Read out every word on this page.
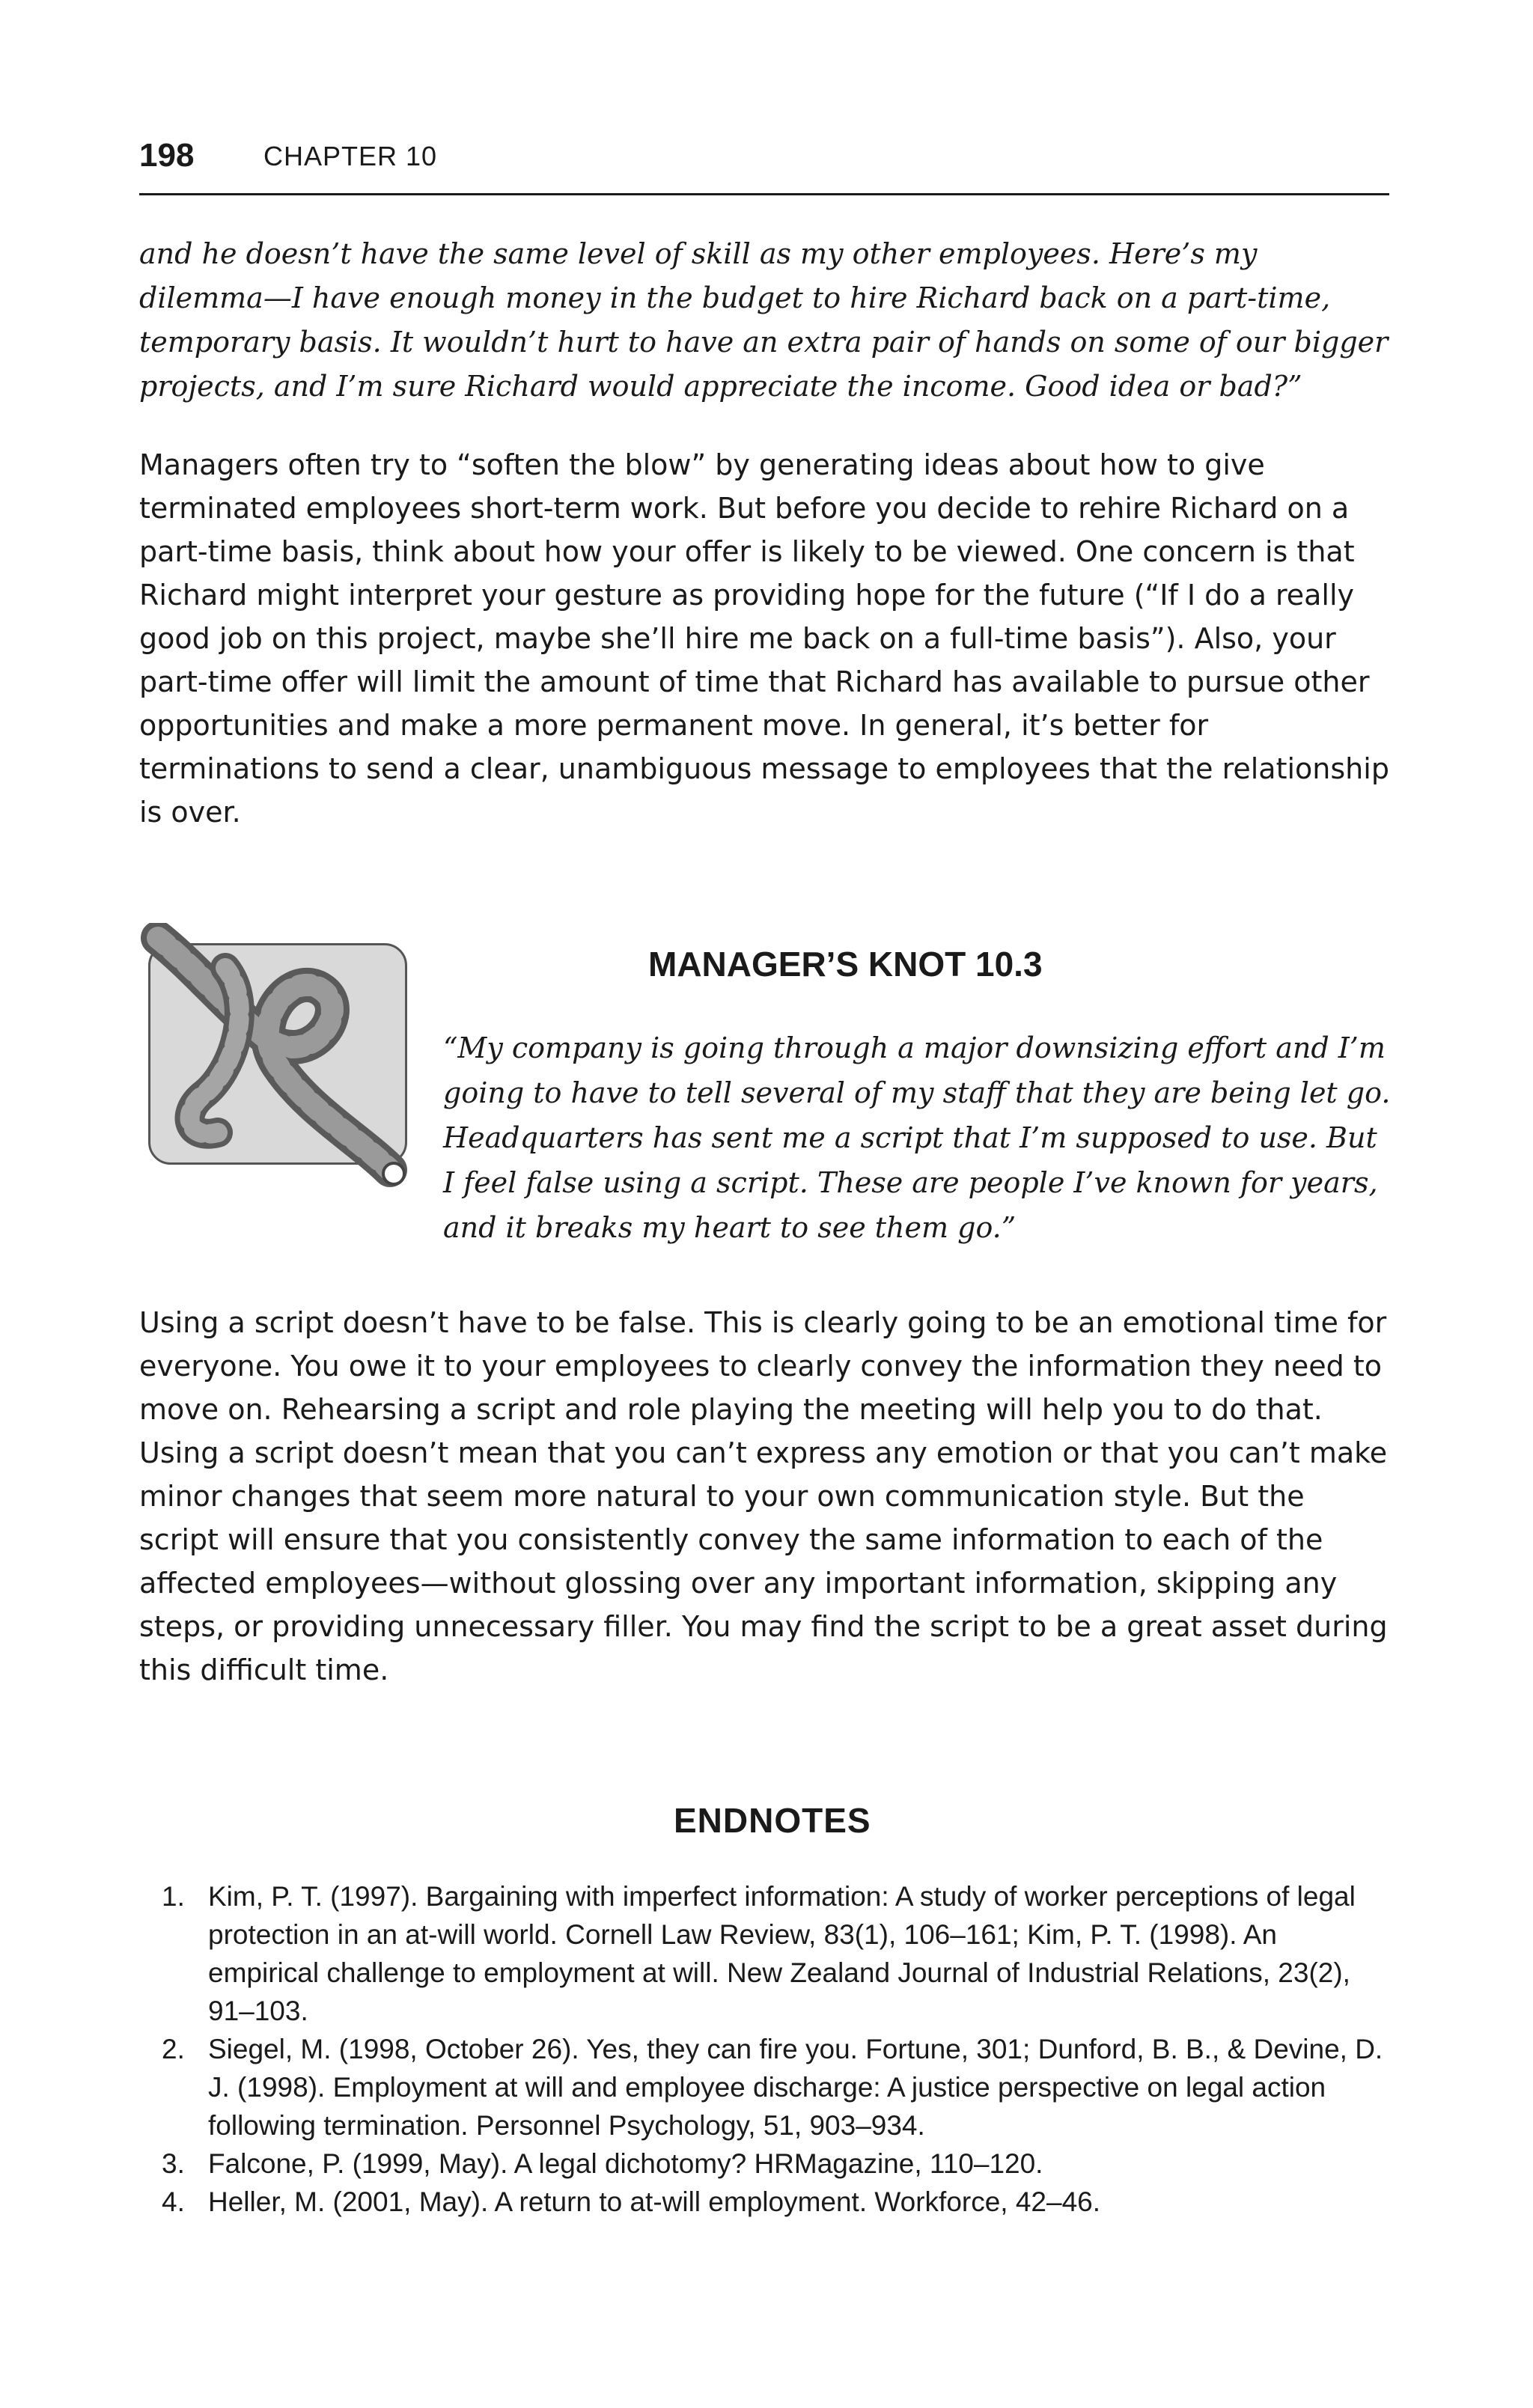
198	CHAPTER 10

and he doesn’t have the same level of skill as my other employees. Here’s my dilemma—I have enough money in the budget to hire Richard back on a part-time, temporary basis. It wouldn’t hurt to have an extra pair of hands on some of our bigger projects, and I’m sure Richard would appreciate the income. Good idea or bad?”

Managers often try to “soften the blow” by generating ideas about how to give terminated employees short-term work. But before you decide to rehire Richard on a part-time basis, think about how your offer is likely to be viewed. One concern is that Richard might interpret your gesture as providing hope for the future (“If I do a really good job on this project, maybe she’ll hire me back on a full-time basis”). Also, your part-time offer will limit the amount of time that Richard has available to pursue other opportunities and make a more permanent move. In general, it’s better for terminations to send a clear, unambiguous message to employees that the relationship is over.

MANAGER’S KNOT 10.3

“My company is going through a major downsizing effort and I’m going to have to tell several of my staff that they are being let go. Headquarters has sent me a script that I’m supposed to use. But I feel false using a script. These are people I’ve known for years, and it breaks my heart to see them go.”

Using a script doesn’t have to be false. This is clearly going to be an emotional time for everyone. You owe it to your employees to clearly convey the information they need to move on. Rehearsing a script and role playing the meeting will help you to do that. Using a script doesn’t mean that you can’t express any emotion or that you can’t make minor changes that seem more natural to your own communication style. But the script will ensure that you consistently convey the same information to each of the affected employees—without glossing over any important information, skipping any steps, or providing unnecessary filler. You may find the script to be a great asset during this difficult time.

ENDNOTES
1. Kim, P. T. (1997). Bargaining with imperfect information: A study of worker perceptions of legal protection in an at-will world. Cornell Law Review, 83(1), 106–161; Kim, P. T. (1998). An empirical challenge to employment at will. New Zealand Journal of Industrial Relations, 23(2), 91–103.
2. Siegel, M. (1998, October 26). Yes, they can fire you. Fortune, 301; Dunford, B. B., & Devine, D. J. (1998). Employment at will and employee discharge: A justice perspective on legal action following termination. Personnel Psychology, 51, 903–934.
3. Falcone, P. (1999, May). A legal dichotomy? HRMagazine, 110–120.
4. Heller, M. (2001, May). A return to at-will employment. Workforce, 42–46.
